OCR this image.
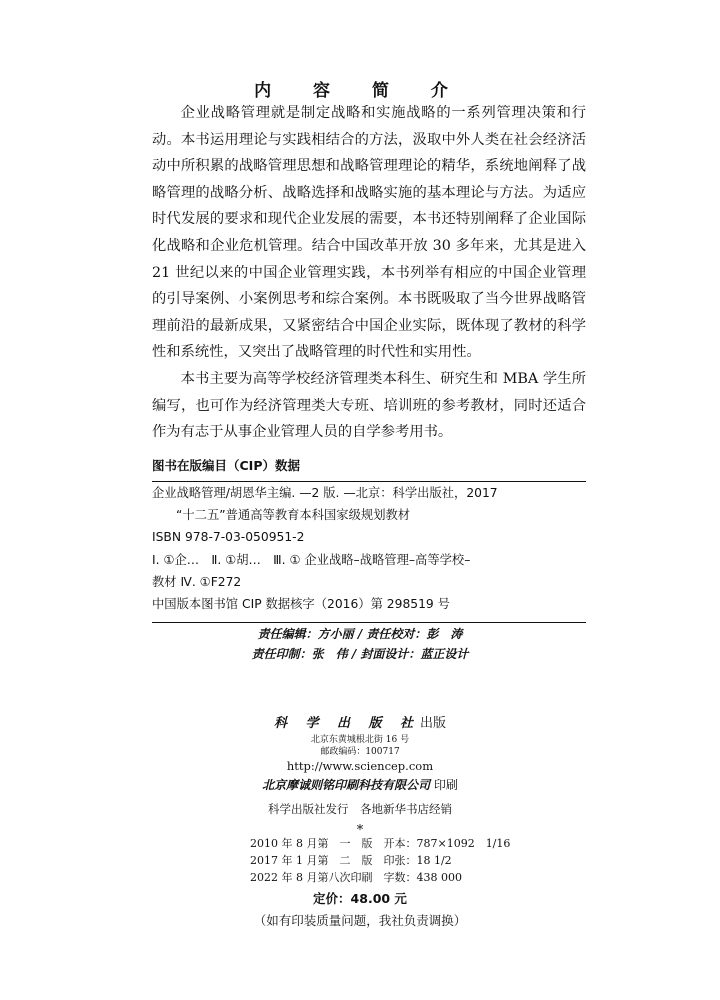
内 容 简 介

企业战略管理就是制定战略和实施战略的一系列管理决策和行动。本书运用理论与实践相结合的方法，汲取中外人类在社会经济活动中所积累的战略管理思想和战略管理理论的精华，系统地阐释了战略管理的战略分析、战略选择和战略实施的基本理论与方法。为适应时代发展的要求和现代企业发展的需要，本书还特别阐释了企业国际化战略和企业危机管理。结合中国改革开放 30 多年来，尤其是进入 21 世纪以来的中国企业管理实践，本书列举有相应的中国企业管理的引导案例、小案例思考和综合案例。本书既吸取了当今世界战略管理前沿的最新成果，又紧密结合中国企业实际，既体现了教材的科学性和系统性，又突出了战略管理的时代性和实用性。

本书主要为高等学校经济管理类本科生、研究生和 MBA 学生所编写，也可作为经济管理类大专班、培训班的参考教材，同时还适合作为有志于从事企业管理人员的自学参考用书。

图书在版编目（CIP）数据
企业战略管理/胡恩华主编. —2 版. —北京：科学出版社，2017
“十二五”普通高等教育本科国家级规划教材
ISBN 978-7-03-050951-2
Ⅰ. ①企…　Ⅱ. ①胡…　Ⅲ. ① 企业战略–战略管理–高等学校–
教材 Ⅳ. ①F272
中国版本图书馆 CIP 数据核字（2016）第 298519 号
责任编辑：方小丽 / 责任校对：彭　涛
责任印制：张　伟 / 封面设计：蓝正设计
科 学 出 版 社出版
北京东黄城根北街 16 号
邮政编码：100717
http://www.sciencep.com
北京摩诚则铭印刷科技有限公司 印刷
科学出版社发行　各地新华书店经销
*
2010 年 8 月第　一　版　开本：787×1092　1/16
2017 年 1 月第　二　版　印张：18 1/2
2022 年 8 月第八次印刷　字数：438 000
定价：48.00 元
（如有印装质量问题，我社负责调换）
